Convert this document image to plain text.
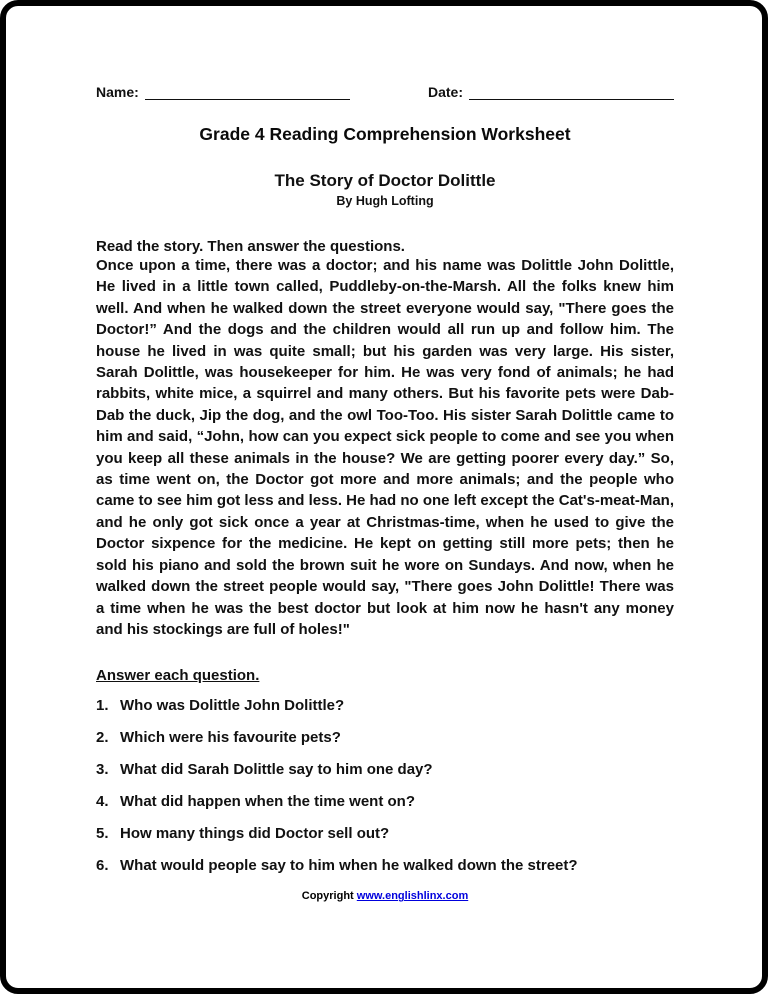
Name:	Date:
Grade 4 Reading Comprehension Worksheet
The Story of Doctor Dolittle
By Hugh Lofting

Read the story. Then answer the questions.

Once upon a time, there was a doctor; and his name was Dolittle John Dolittle, He lived in a little town called, Puddleby-on-the-Marsh. All the folks knew him well. And when he walked down the street everyone would say, "There goes the Doctor!” And the dogs and the children would all run up and follow him. The house he lived in was quite small; but his garden was very large. His sister, Sarah Dolittle, was housekeeper for him. He was very fond of animals; he had rabbits, white mice, a squirrel and many others. But his favorite pets were Dab-Dab the duck, Jip the dog, and the owl Too-Too. His sister Sarah Dolittle came to him and said, “John, how can you expect sick people to come and see you when you keep all these animals in the house? We are getting poorer every day.” So, as time went on, the Doctor got more and more animals; and the people who came to see him got less and less. He had no one left except the Cat's-meat-Man, and he only got sick once a year at Christmas-time, when he used to give the Doctor sixpence for the medicine. He kept on getting still more pets; then he sold his piano and sold the brown suit he wore on Sundays. And now, when he walked down the street people would say, "There goes John Dolittle! There was a time when he was the best doctor but look at him now he hasn't any money and his stockings are full of holes!"

Answer each question.
1. Who was Dolittle John Dolittle?
2. Which were his favourite pets?
3. What did Sarah Dolittle say to him one day?
4. What did happen when the time went on?
5. How many things did Doctor sell out?
6. What would people say to him when he walked down the street?
Copyright www.englishlinx.com
